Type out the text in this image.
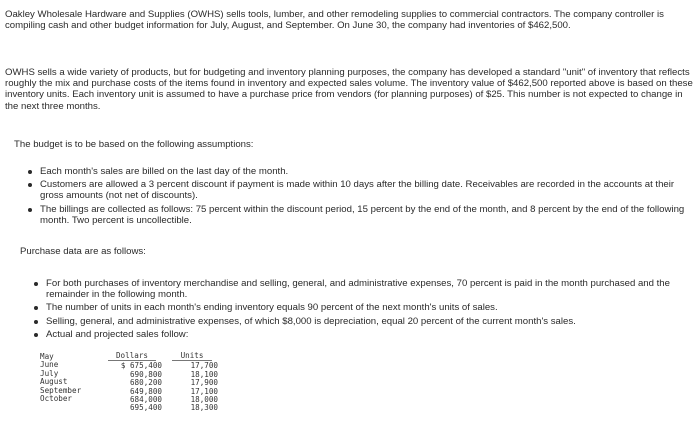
Oakley Wholesale Hardware and Supplies (OWHS) sells tools, lumber, and other remodeling supplies to commercial contractors. The company controller is compiling cash and other budget information for July, August, and September. On June 30, the company had inventories of $462,500.

OWHS sells a wide variety of products, but for budgeting and inventory planning purposes, the company has developed a standard "unit" of inventory that reflects roughly the mix and purchase costs of the items found in inventory and expected sales volume. The inventory value of $462,500 reported above is based on these inventory units. Each inventory unit is assumed to have a purchase price from vendors (for planning purposes) of $25. This number is not expected to change in the next three months.

The budget is to be based on the following assumptions:

Each month's sales are billed on the last day of the month.
Customers are allowed a 3 percent discount if payment is made within 10 days after the billing date. Receivables are recorded in the accounts at their gross amounts (not net of discounts).
The billings are collected as follows: 75 percent within the discount period, 15 percent by the end of the month, and 8 percent by the end of the following month. Two percent is uncollectible.

Purchase data are as follows:

For both purchases of inventory merchandise and selling, general, and administrative expenses, 70 percent is paid in the month purchased and the remainder in the following month.
The number of units in each month's ending inventory equals 90 percent of the next month's units of sales.
Selling, general, and administrative expenses, of which $8,000 is depreciation, equal 20 percent of the current month's sales.
Actual and projected sales follow:
May
June
July
August
September
October
Dollars
$ 675,400
690,800
680,200
649,800
684,000
695,400
Units
17,700
18,100
17,900
17,100
18,000
18,300
